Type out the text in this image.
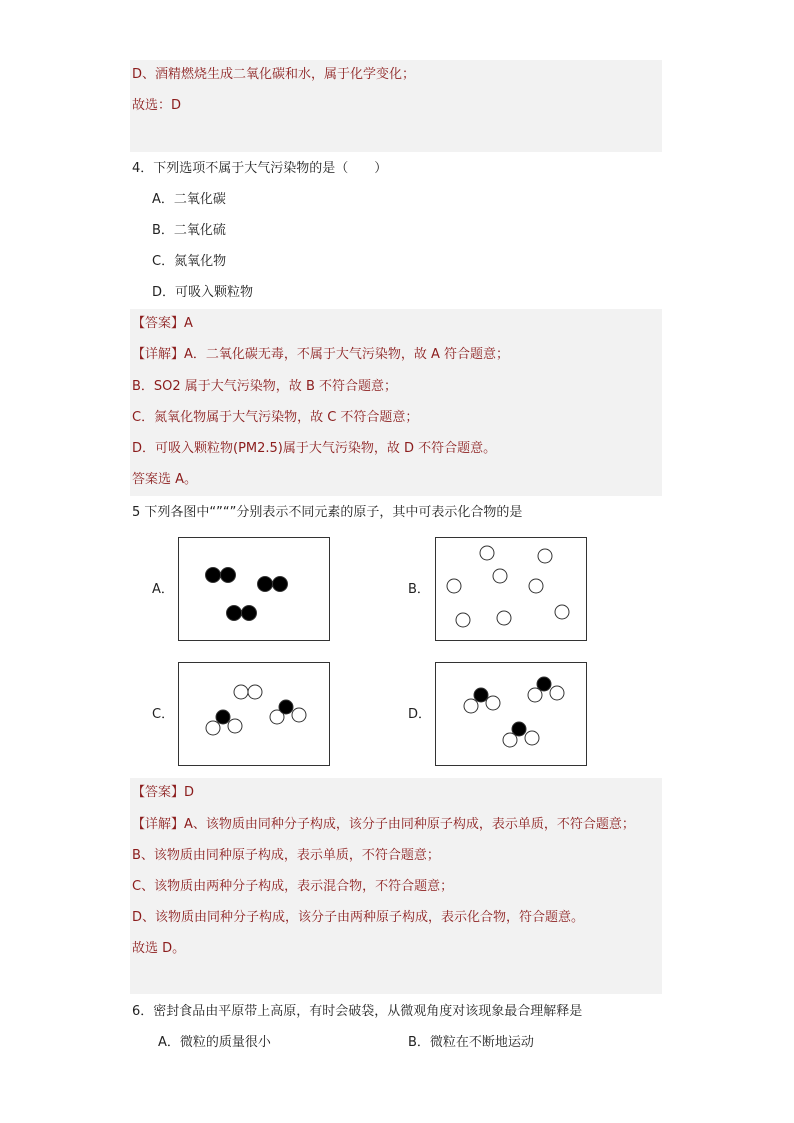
D、酒精燃烧生成二氧化碳和水，属于化学变化；
故选：D
4．下列选项不属于大气污染物的是（　　）
A．二氧化碳
B．二氧化硫
C．氮氧化物
D．可吸入颗粒物
【答案】A
【详解】A．二氧化碳无毒，不属于大气污染物，故 A 符合题意；
B．SO2 属于大气污染物，故 B 不符合题意；
C．氮氧化物属于大气污染物，故 C 不符合题意；
D．可吸入颗粒物(PM2.5)属于大气污染物，故 D 不符合题意。
答案选 A。
5 下列各图中“”“”分别表示不同元素的原子，其中可表示化合物的是
A．	B．
C．	D．
【答案】D
【详解】A、该物质由同种分子构成，该分子由同种原子构成，表示单质，不符合题意；
B、该物质由同种原子构成，表示单质，不符合题意；
C、该物质由两种分子构成，表示混合物，不符合题意；
D、该物质由同种分子构成，该分子由两种原子构成，表示化合物，符合题意。
故选 D。
6．密封食品由平原带上高原，有时会破袋，从微观角度对该现象最合理解释是
A．微粒的质量很小	B．微粒在不断地运动
